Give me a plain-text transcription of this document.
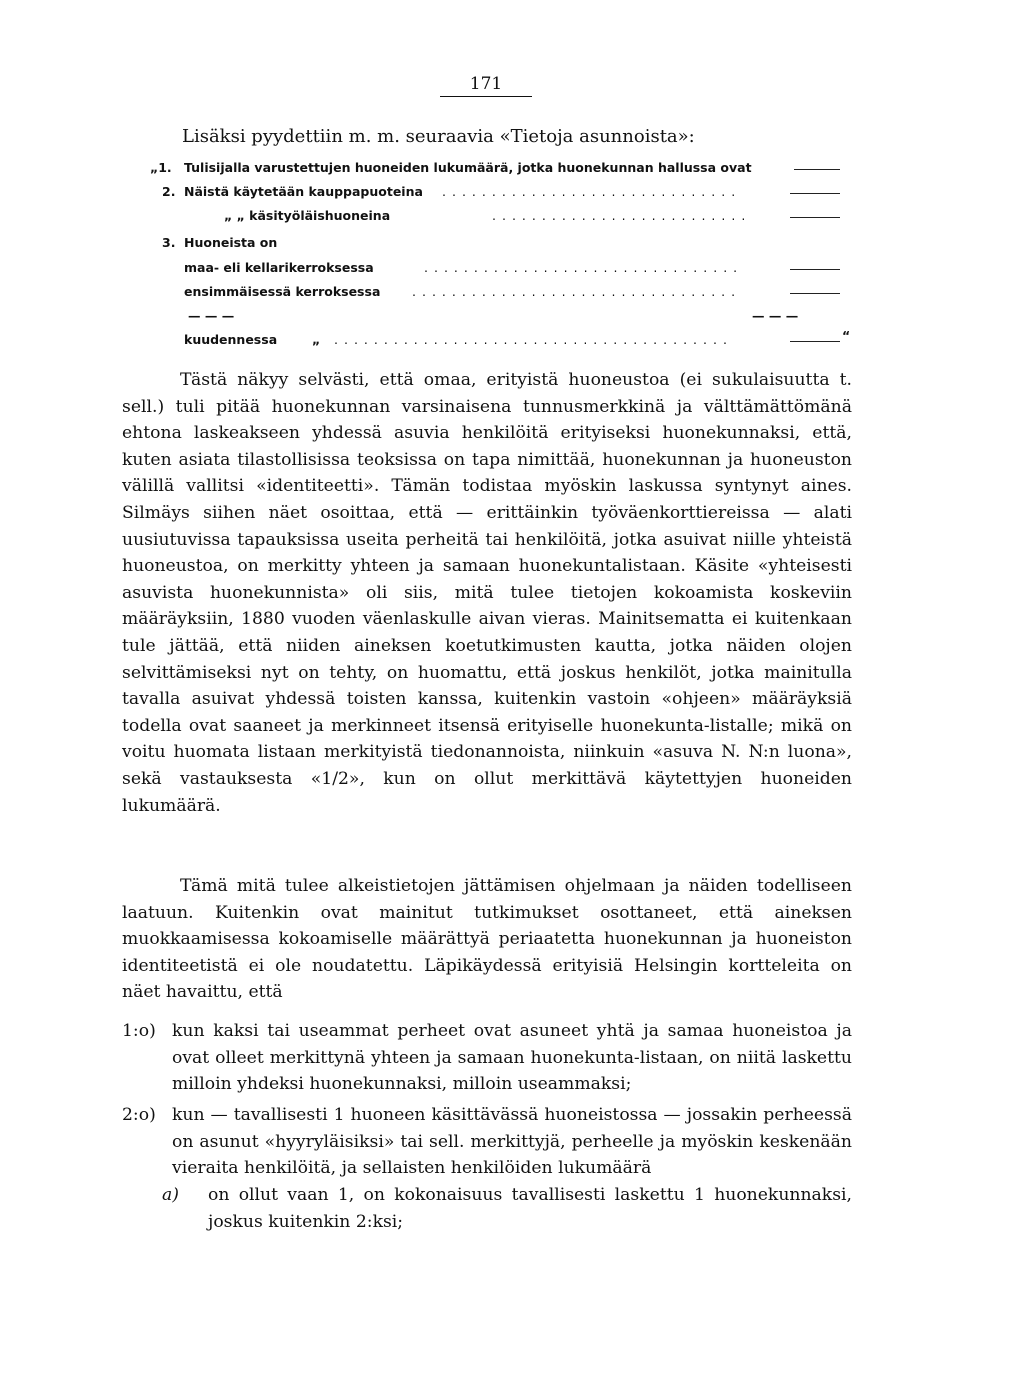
171
Lisäksi pyydettiin m. m. seuraavia «Tietoja asunnoista»:
„1. Tulisijalla varustettujen huoneiden lukumäärä, jotka huonekunnan hallussa ovat
2. Näistä käytetään kauppapuoteina ..............................
„ „ käsityöläishuoneina	..........................
3. Huoneista on
maa- eli kellarikerroksessa	................................
ensimmäisessä kerroksessa	.................................
— — —	— — —
kuudennessa	„ ........................................	“

Tästä näkyy selvästi, että omaa, erityistä huoneustoa (ei sukulaisuutta t. sell.) tuli pitää huonekunnan varsinaisena tunnusmerkkinä ja välttämättömänä ehtona laskeakseen yhdessä asuvia henkilöitä erityiseksi huonekunnaksi, että, kuten asiata tilastollisissa teoksissa on tapa nimittää, huonekunnan ja huoneuston välillä vallitsi «identiteetti». Tämän todistaa myöskin laskussa syntynyt aines. Silmäys siihen näet osoittaa, että — erittäinkin työväenkorttiereissa — alati uusiutuvissa tapauksissa useita perheitä tai henkilöitä, jotka asuivat niille yhteistä huoneustoa, on merkitty yhteen ja samaan huonekuntalistaan. Käsite «yhteisesti asuvista huonekunnista» oli siis, mitä tulee tietojen kokoamista koskeviin määräyksiin, 1880 vuoden väenlaskulle aivan vieras. Mainitsematta ei kuitenkaan tule jättää, että niiden aineksen koetutkimusten kautta, jotka näiden olojen selvittämiseksi nyt on tehty, on huomattu, että joskus henkilöt, jotka mainitulla tavalla asuivat yhdessä toisten kanssa, kuitenkin vastoin «ohjeen» määräyksiä todella ovat saaneet ja merkinneet itsensä erityiselle huonekunta-listalle; mikä on voitu huomata listaan merkityistä tiedonannoista, niinkuin «asuva N. N:n luona», sekä vastauksesta «1/2», kun on ollut merkittävä käytettyjen huoneiden lukumäärä.

Tämä mitä tulee alkeistietojen jättämisen ohjelmaan ja näiden todelliseen laatuun. Kuitenkin ovat mainitut tutkimukset osottaneet, että aineksen muokkaamisessa kokoamiselle määrättyä periaatetta huonekunnan ja huoneiston identiteetistä ei ole noudatettu. Läpikäydessä erityisiä Helsingin kortteleita on näet havaittu, että

1:o) kun kaksi tai useammat perheet ovat asuneet yhtä ja samaa huoneistoa ja ovat olleet merkittynä yhteen ja samaan huonekunta-listaan, on niitä laskettu milloin yhdeksi huonekunnaksi, milloin useammaksi;
2:o) kun — tavallisesti 1 huoneen käsittävässä huoneistossa — jossakin perheessä on asunut «hyyryläisiksi» tai sell. merkittyjä, perheelle ja myöskin keskenään vieraita henkilöitä, ja sellaisten henkilöiden lukumäärä
a) on ollut vaan 1, on kokonaisuus tavallisesti laskettu 1 huonekunnaksi, joskus kuitenkin 2:ksi;
